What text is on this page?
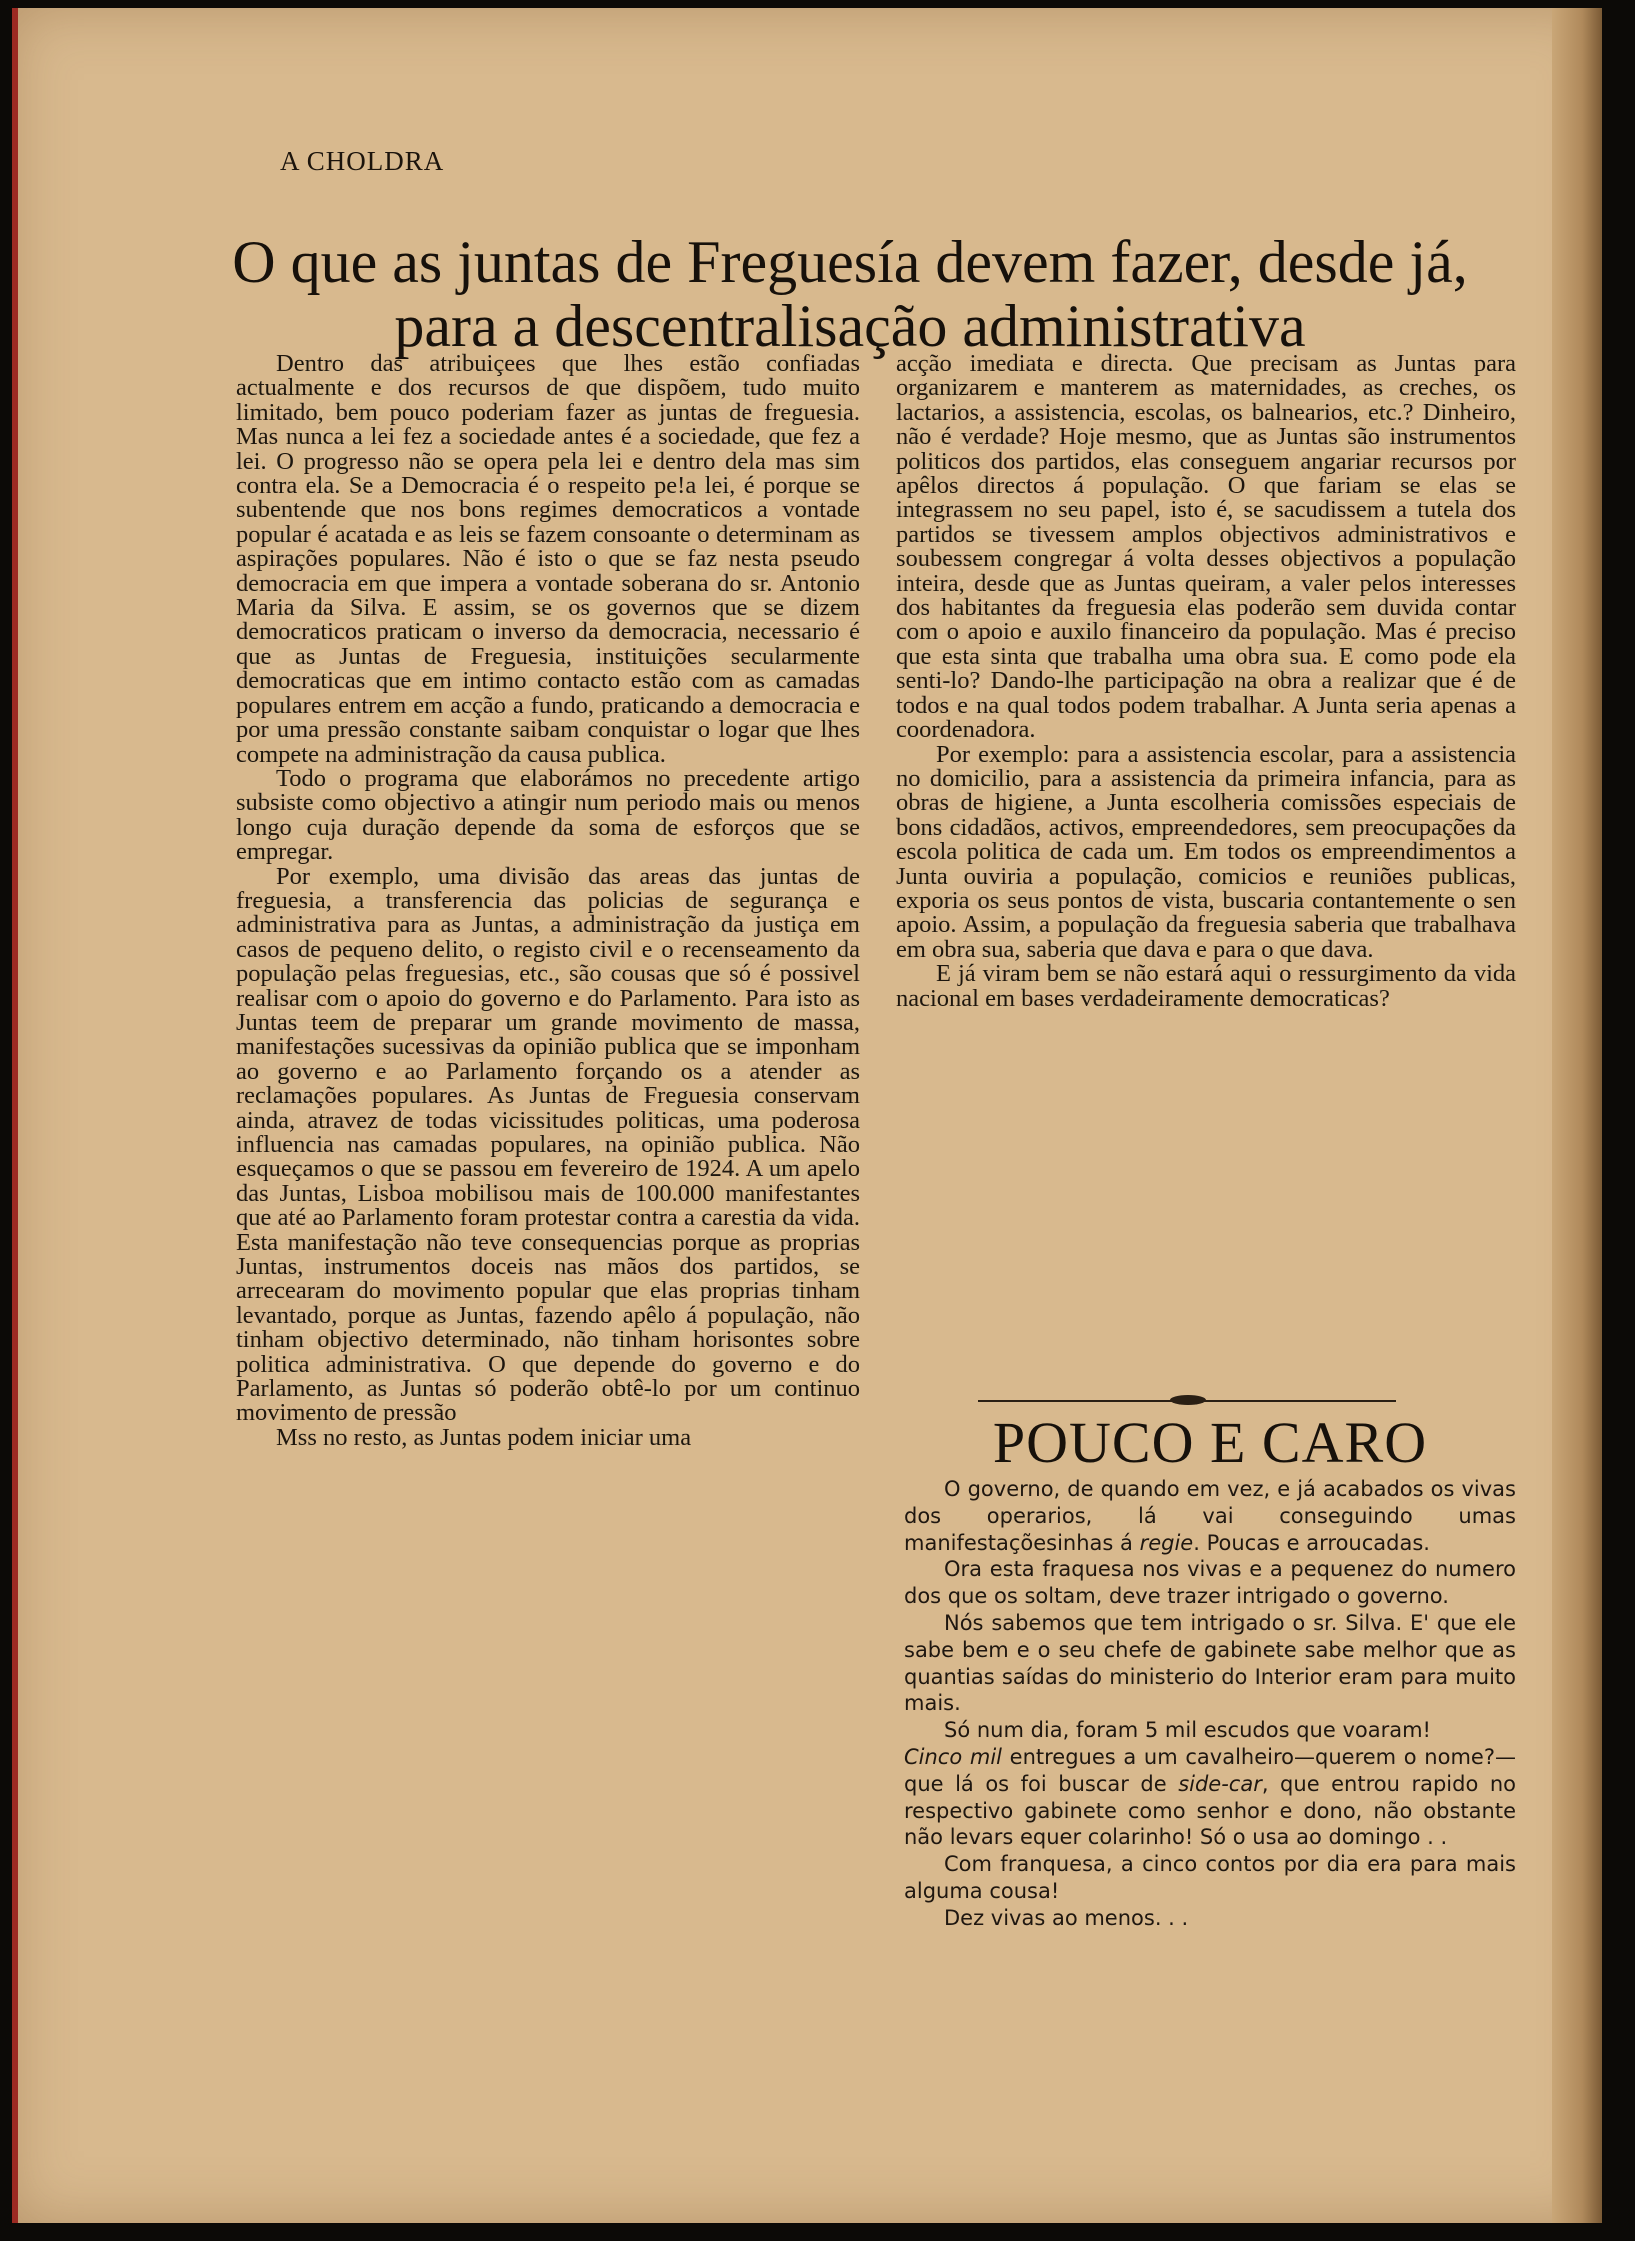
A CHOLDRA
O que as juntas de Freguesía devem fazer, desde já,
para a descentralisação administrativa

Dentro das atribuiçees que lhes estão confiadas actualmente e dos recursos de que dispõem, tudo muito limitado, bem pouco poderiam fazer as juntas de freguesia. Mas nunca a lei fez a sociedade antes é a sociedade, que fez a lei. O progresso não se opera pela lei e dentro dela mas sim contra ela. Se a Democracia é o respeito pe!a lei, é porque se subentende que nos bons regimes democraticos a vontade popular é acatada e as leis se fazem consoante o determinam as aspirações populares. Não é isto o que se faz nesta pseudo democracia em que impera a vontade soberana do sr. Antonio Maria da Silva. E assim, se os governos que se dizem democraticos praticam o inverso da democracia, necessario é que as Juntas de Freguesia, instituições secularmente democraticas que em intimo contacto estão com as camadas populares entrem em acção a fundo, praticando a democracia e por uma pressão constante saibam conquistar o logar que lhes compete na administração da causa publica.

Todo o programa que elaborámos no precedente artigo subsiste como objectivo a atingir num periodo mais ou menos longo cuja duração depende da soma de esforços que se empregar.

Por exemplo, uma divisão das areas das juntas de freguesia, a transferencia das policias de segurança e administrativa para as Juntas, a administração da justiça em casos de pequeno delito, o registo civil e o recenseamento da população pelas freguesias, etc., são cousas que só é possivel realisar com o apoio do governo e do Parlamento. Para isto as Juntas teem de preparar um grande movimento de massa, manifestações sucessivas da opinião publica que se imponham ao governo e ao Parlamento forçando os a atender as reclamações populares. As Juntas de Freguesia conservam ainda, atravez de todas vicissitudes politicas, uma poderosa influencia nas camadas populares, na opinião publica. Não esqueçamos o que se passou em fevereiro de 1924. A um apelo das Juntas, Lisboa mobilisou mais de 100.000 manifestantes que até ao Parlamento foram protestar contra a carestia da vida. Esta manifestação não teve consequencias porque as proprias Juntas, instrumentos doceis nas mãos dos partidos, se arrecearam do movimento popular que elas proprias tinham levantado, porque as Juntas, fazendo apêlo á população, não tinham objectivo determinado, não tinham horisontes sobre politica administrativa. O que depende do governo e do Parlamento, as Juntas só poderão obtê-lo por um continuo movimento de pressão

Mss no resto, as Juntas podem iniciar uma

acção imediata e directa. Que precisam as Juntas para organizarem e manterem as maternidades, as creches, os lactarios, a assistencia, escolas, os balnearios, etc.? Dinheiro, não é verdade? Hoje mesmo, que as Juntas são instrumentos politicos dos partidos, elas conseguem angariar recursos por apêlos directos á população. O que fariam se elas se integrassem no seu papel, isto é, se sacudissem a tutela dos partidos se tivessem amplos objectivos administrativos e soubessem congregar á volta desses objectivos a população inteira, desde que as Juntas queiram, a valer pelos interesses dos habitantes da freguesia elas poderão sem duvida contar com o apoio e auxilo financeiro da população. Mas é preciso que esta sinta que trabalha uma obra sua. E como pode ela senti-lo? Dando-lhe participação na obra a realizar que é de todos e na qual todos podem trabalhar. A Junta seria apenas a coordenadora.

Por exemplo: para a assistencia escolar, para a assistencia no domicilio, para a assistencia da primeira infancia, para as obras de higiene, a Junta escolheria comissões especiais de bons cidadãos, activos, empreendedores, sem preocupações da escola politica de cada um. Em todos os empreendimentos a Junta ouviria a população, comicios e reuniões publicas, exporia os seus pontos de vista, buscaria contantemente o sen apoio. Assim, a população da freguesia saberia que trabalhava em obra sua, saberia que dava e para o que dava.

E já viram bem se não estará aqui o ressurgimento da vida nacional em bases verdadeiramente democraticas?

POUCO E CARO

O governo, de quando em vez, e já acabados os vivas dos operarios, lá vai conseguindo umas manifestaçõesinhas á regie. Poucas e arroucadas.

Ora esta fraquesa nos vivas e a pequenez do numero dos que os soltam, deve trazer intrigado o governo.

Nós sabemos que tem intrigado o sr. Silva. E' que ele sabe bem e o seu chefe de gabinete sabe melhor que as quantias saídas do ministerio do Interior eram para muito mais.

Só num dia, foram 5 mil escudos que voaram!

Cinco mil entregues a um cavalheiro—querem o nome?—que lá os foi buscar de side-car, que entrou rapido no respectivo gabinete como senhor e dono, não obstante não levars equer colarinho! Só o usa ao domingo . .

Com franquesa, a cinco contos por dia era para mais alguma cousa!

Dez vivas ao menos. . .
